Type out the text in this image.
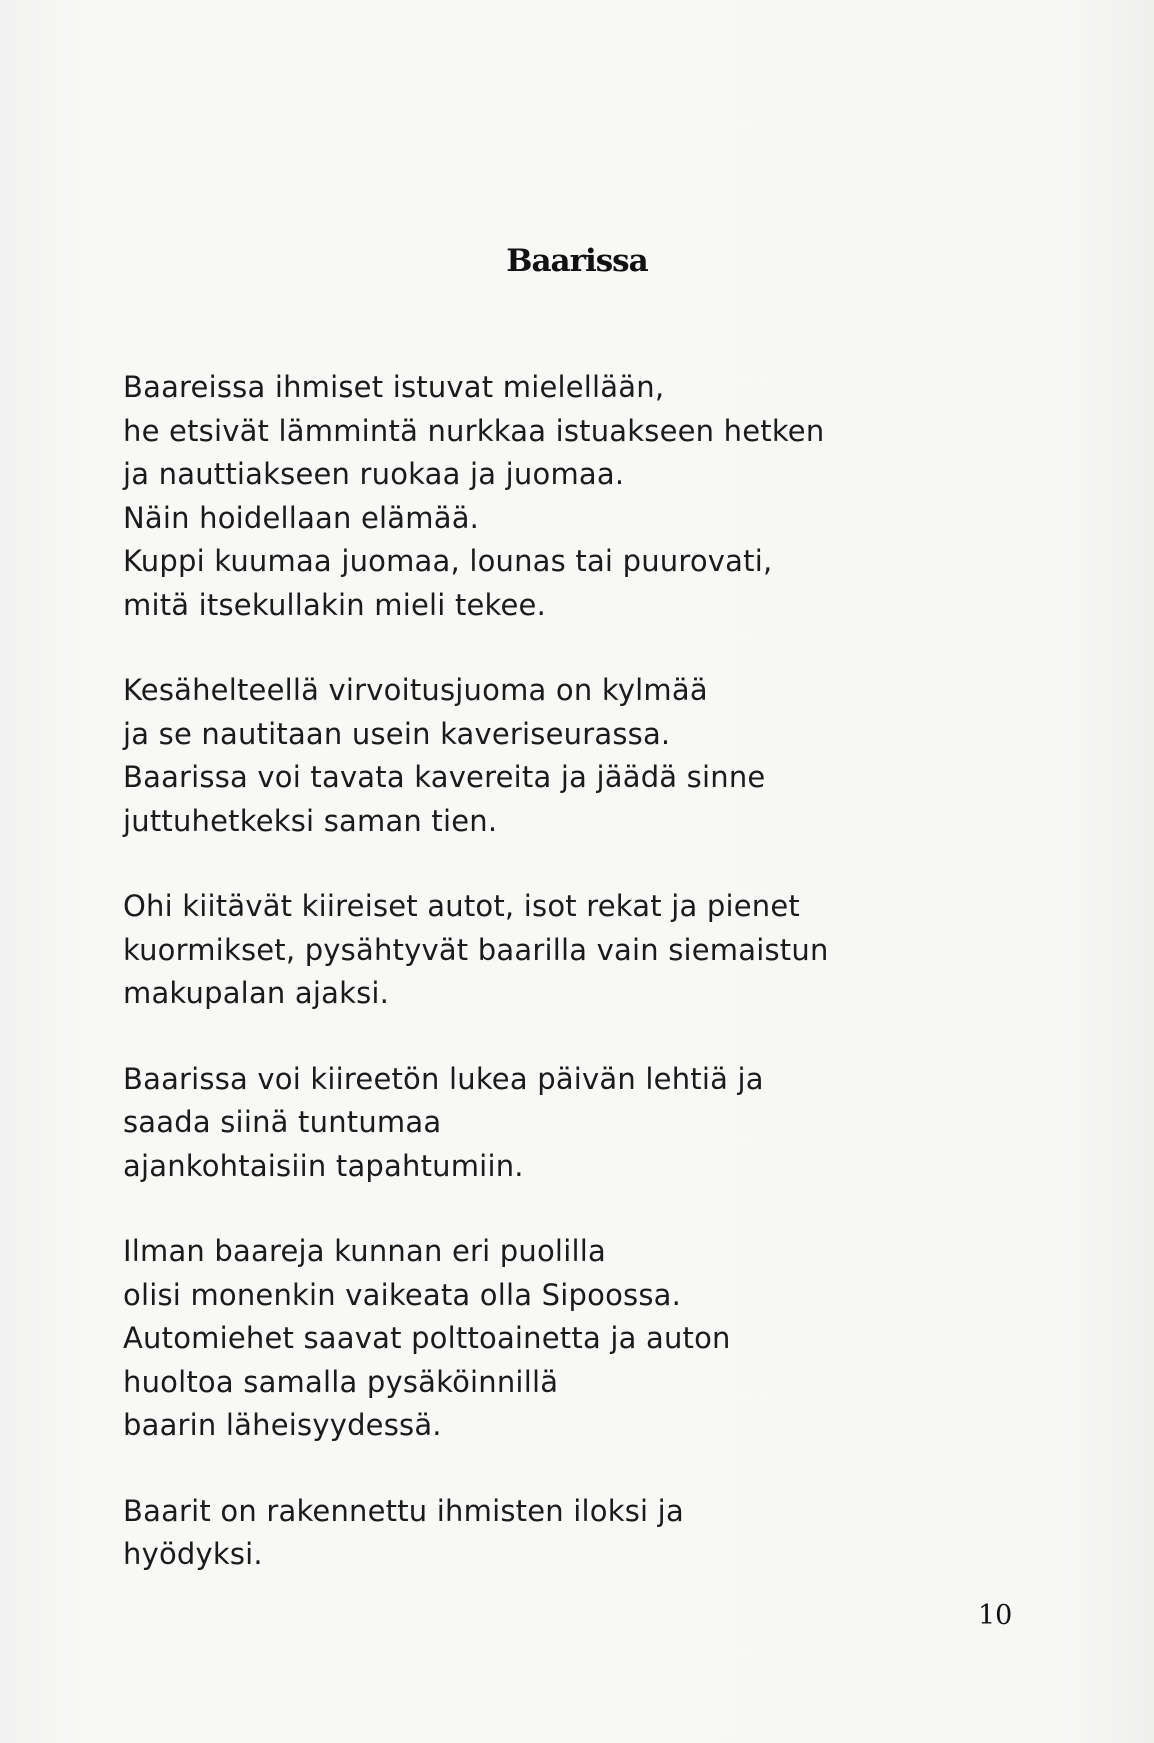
Baarissa
Baareissa ihmiset istuvat mielellään,
he etsivät lämmintä nurkkaa istuakseen hetken
ja nauttiakseen ruokaa ja juomaa.
Näin hoidellaan elämää.
Kuppi kuumaa juomaa, lounas tai puurovati,
mitä itsekullakin mieli tekee.
Kesähelteellä virvoitusjuoma on kylmää
ja se nautitaan usein kaveriseurassa.
Baarissa voi tavata kavereita ja jäädä sinne
juttuhetkeksi saman tien.
Ohi kiitävät kiireiset autot, isot rekat ja pienet
kuormikset, pysähtyvät baarilla vain siemaistun
makupalan ajaksi.
Baarissa voi kiireetön lukea päivän lehtiä ja
saada siinä tuntumaa
ajankohtaisiin tapahtumiin.
Ilman baareja kunnan eri puolilla
olisi monenkin vaikeata olla Sipoossa.
Automiehet saavat polttoainetta ja auton
huoltoa samalla pysäköinnillä
baarin läheisyydessä.
Baarit on rakennettu ihmisten iloksi ja
hyödyksi.
10
